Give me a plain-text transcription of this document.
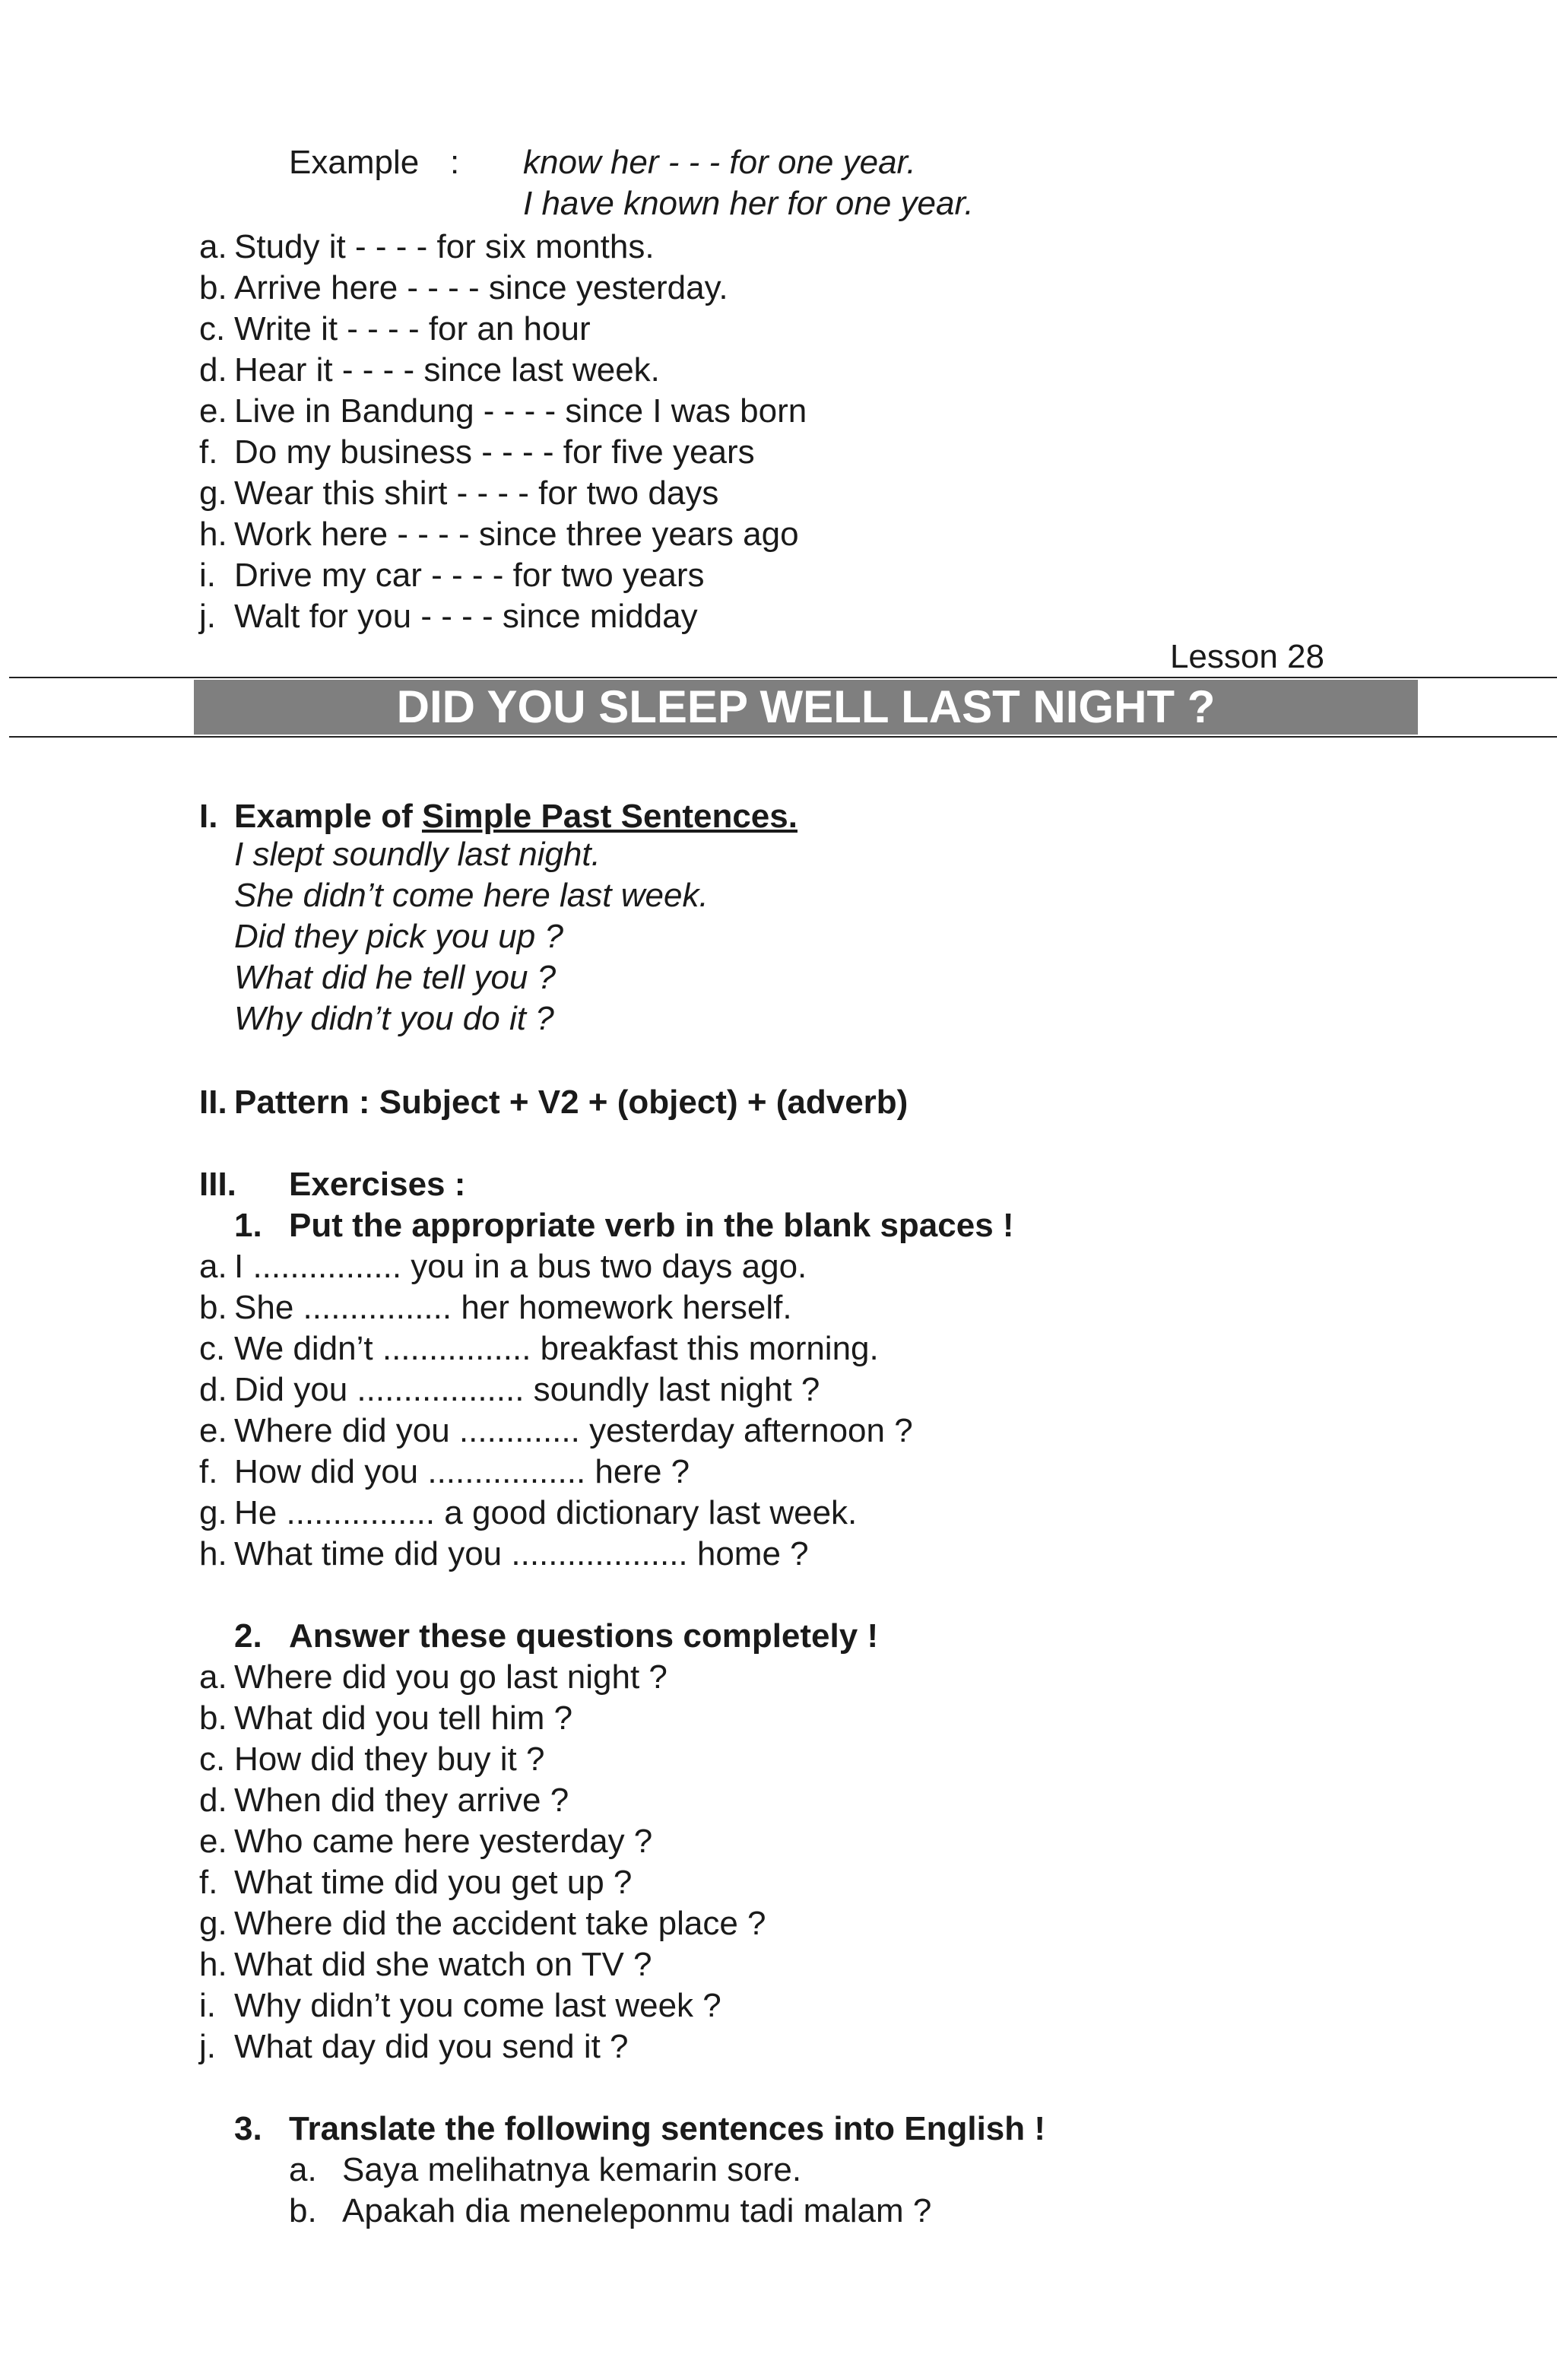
Example : know her - - - for one year.
I have known her for one year.
a. Study it - - - - for six months.
b. Arrive here - - - - since yesterday.
c. Write it - - - - for an hour
d. Hear it - - - - since last week.
e. Live in Bandung - - - - since I was born
f. Do my business - - - - for five years
g. Wear this shirt - - - - for two days
h. Work here - - - - since three years ago
i. Drive my car - - - - for two years
j. Walt for you - - - - since midday
Lesson 28
DID YOU SLEEP WELL LAST NIGHT ?
I. Example of Simple Past Sentences.
I slept soundly last night.
She didn’t come here last week.
Did they pick you up ?
What did he tell you ?
Why didn’t you do it ?
II. Pattern : Subject + V2 + (object) + (adverb)
III. Exercises :
1. Put the appropriate verb in the blank spaces !
a. I ................ you in a bus two days ago.
b. She ................ her homework herself.
c. We didn’t ................ breakfast this morning.
d. Did you .................. soundly last night ?
e. Where did you ............. yesterday afternoon ?
f. How did you ................. here ?
g. He ................ a good dictionary last week.
h. What time did you ................... home ?
2. Answer these questions completely !
a. Where did you go last night ?
b. What did you tell him ?
c. How did they buy it ?
d. When did they arrive ?
e. Who came here yesterday ?
f. What time did you get up ?
g. Where did the accident take place ?
h. What did she watch on TV ?
i. Why didn’t you come last week ?
j. What day did you send it ?
3. Translate the following sentences into English !
a. Saya melihatnya kemarin sore.
b. Apakah dia meneleponmu tadi malam ?
